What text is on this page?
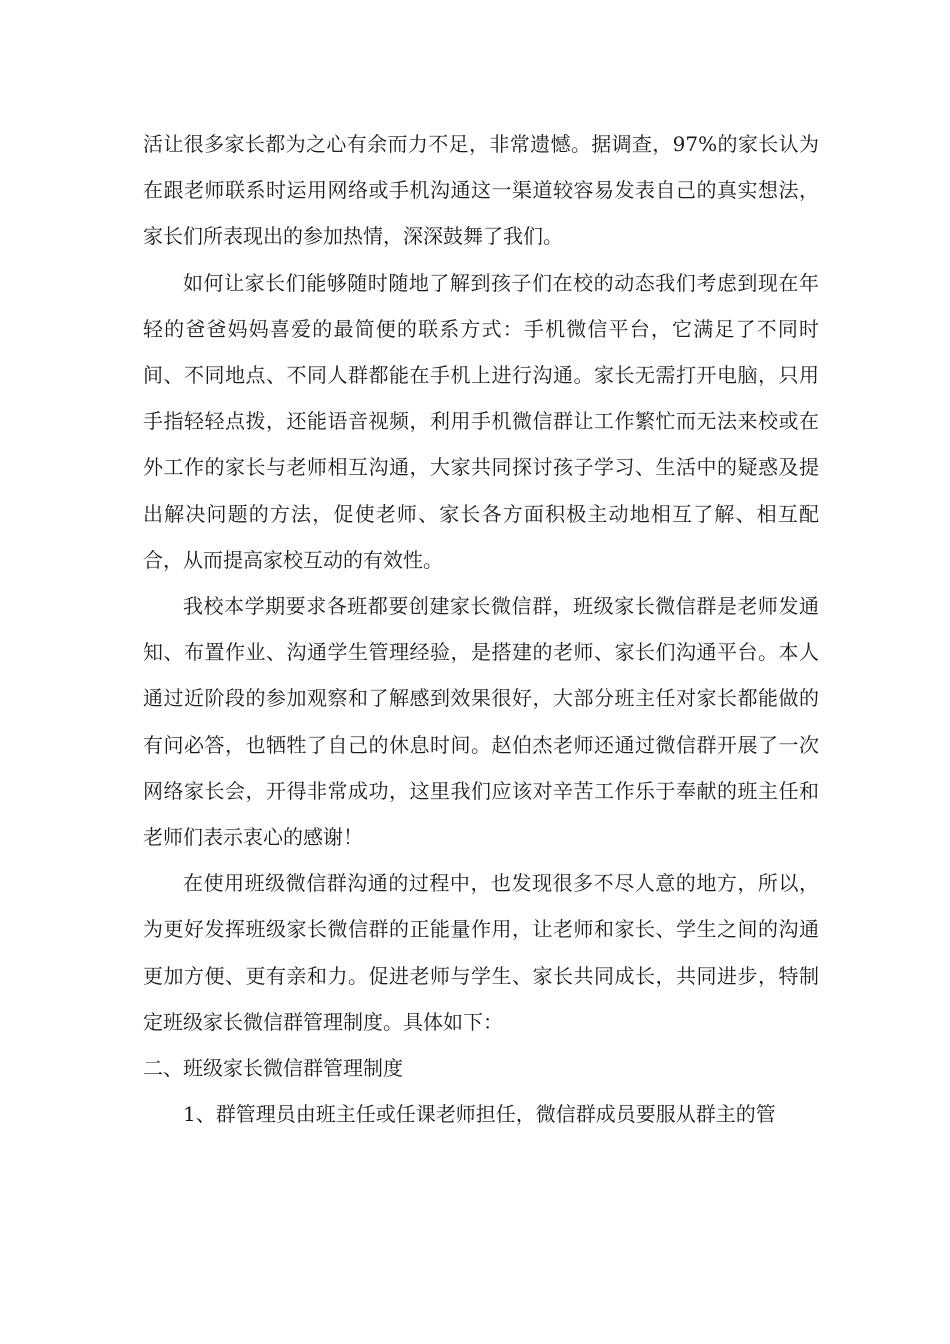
活让很多家长都为之心有余而力不足，非常遗憾。据调查，97%的家长认为在跟老师联系时运用网络或手机沟通这一渠道较容易发表自己的真实想法，家长们所表现出的参加热情，深深鼓舞了我们。

如何让家长们能够随时随地了解到孩子们在校的动态我们考虑到现在年轻的爸爸妈妈喜爱的最简便的联系方式：手机微信平台，它满足了不同时间、不同地点、不同人群都能在手机上进行沟通。家长无需打开电脑，只用手指轻轻点拨，还能语音视频，利用手机微信群让工作繁忙而无法来校或在外工作的家长与老师相互沟通，大家共同探讨孩子学习、生活中的疑惑及提出解决问题的方法，促使老师、家长各方面积极主动地相互了解、相互配合，从而提高家校互动的有效性。

我校本学期要求各班都要创建家长微信群，班级家长微信群是老师发通知、布置作业、沟通学生管理经验，是搭建的老师、家长们沟通平台。本人通过近阶段的参加观察和了解感到效果很好，大部分班主任对家长都能做的有问必答，也牺牲了自己的休息时间。赵伯杰老师还通过微信群开展了一次网络家长会，开得非常成功，这里我们应该对辛苦工作乐于奉献的班主任和老师们表示衷心的感谢！

在使用班级微信群沟通的过程中，也发现很多不尽人意的地方，所以，为更好发挥班级家长微信群的正能量作用，让老师和家长、学生之间的沟通更加方便、更有亲和力。促进老师与学生、家长共同成长，共同进步，特制定班级家长微信群管理制度。具体如下：

二、班级家长微信群管理制度

1、群管理员由班主任或任课老师担任，微信群成员要服从群主的管
